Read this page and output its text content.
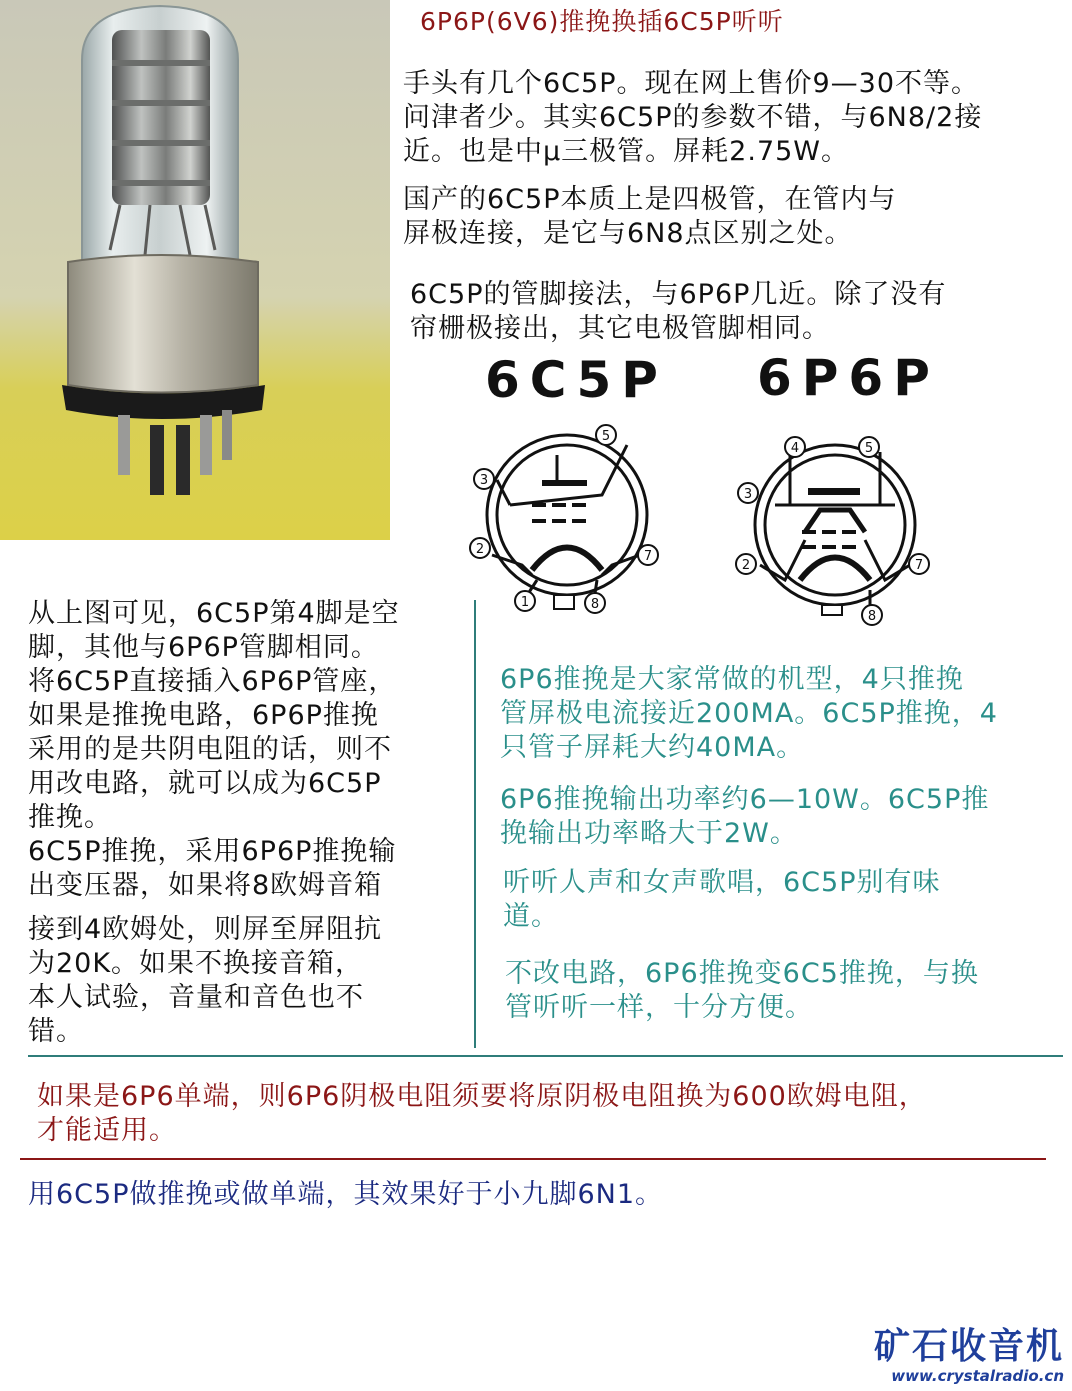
6P6P(6V6)推挽换插6C5P听听
手头有几个6C5P。现在网上售价9—30不等。
问津者少。其实6C5P的参数不错，与6N8/2接
近。也是中μ三极管。屏耗2.75W。
国产的6C5P本质上是四极管，在管内与
屏极连接，是它与6N8点区别之处。
6C5P的管脚接法，与6P6P几近。除了没有
帘栅极接出，其它电极管脚相同。
6C5P 6P6P
1
2
3
5
7
8
2
3
4	5
7
8
从上图可见，6C5P第4脚是空
脚，其他与6P6P管脚相同。
将6C5P直接插入6P6P管座，
如果是推挽电路，6P6P推挽
采用的是共阴电阻的话，则不
用改电路，就可以成为6C5P
推挽。
6C5P推挽，采用6P6P推挽输
出变压器，如果将8欧姆音箱
接到4欧姆处，则屏至屏阻抗
为20K。如果不换接音箱，
本人试验，音量和音色也不
错。
6P6推挽是大家常做的机型，4只推挽
管屏极电流接近200MA。6C5P推挽，4
只管子屏耗大约40MA。
6P6推挽输出功率约6—10W。6C5P推
挽输出功率略大于2W。
听听人声和女声歌唱，6C5P别有味
道。
不改电路，6P6推挽变6C5推挽，与换
管听听一样，十分方便。
如果是6P6单端，则6P6阴极电阻须要将原阴极电阻换为600欧姆电阻，
才能适用。
用6C5P做推挽或做单端，其效果好于小九脚6N1。
矿石收音机
www.crystalradio.cn
